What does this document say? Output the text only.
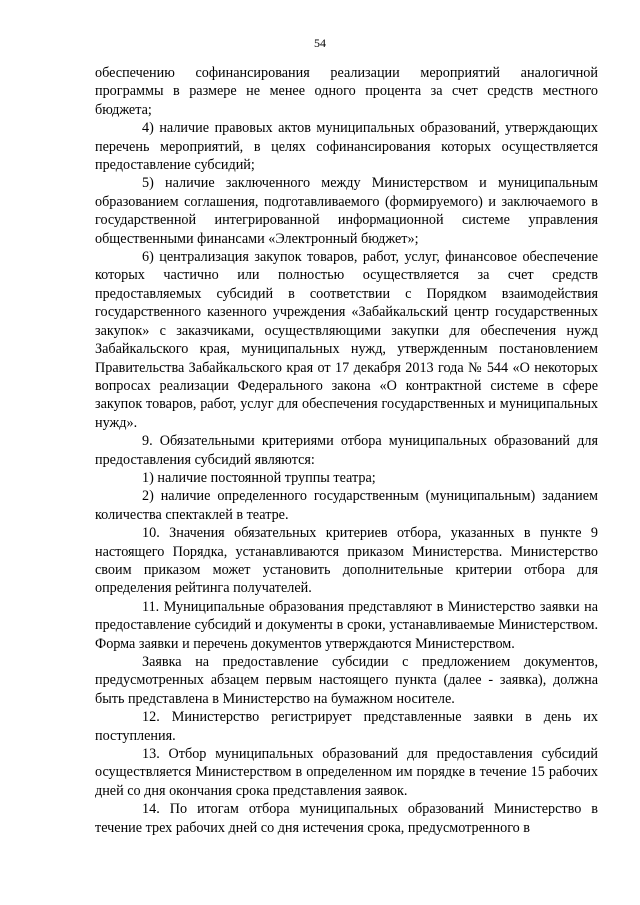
54

обеспечению софинансирования реализации мероприятий аналогичной программы в размере не менее одного процента за счет средств местного бюджета;

4) наличие правовых актов муниципальных образований, утверждающих перечень мероприятий, в целях софинансирования которых осуществляется предоставление субсидий;

5) наличие заключенного между Министерством и муниципальным образованием соглашения, подготавливаемого (формируемого) и заключаемого в государственной интегрированной информационной системе управления общественными финансами «Электронный бюджет»;

6) централизация закупок товаров, работ, услуг, финансовое обеспечение которых частично или полностью осуществляется за счет средств предоставляемых субсидий в соответствии с Порядком взаимодействия государственного казенного учреждения «Забайкальский центр государственных закупок» с заказчиками, осуществляющими закупки для обеспечения нужд Забайкальского края, муниципальных нужд, утвержденным постановлением Правительства Забайкальского края от 17 декабря 2013 года № 544 «О некоторых вопросах реализации Федерального закона «О контрактной системе в сфере закупок товаров, работ, услуг для обеспечения государственных и муниципальных нужд».

9. Обязательными критериями отбора муниципальных образований для предоставления субсидий являются:

1) наличие постоянной труппы театра;

2) наличие определенного государственным (муниципальным) заданием количества спектаклей в театре.

10. Значения обязательных критериев отбора, указанных в пункте 9 настоящего Порядка, устанавливаются приказом Министерства. Министерство своим приказом может установить дополнительные критерии отбора для определения рейтинга получателей.

11. Муниципальные образования представляют в Министерство заявки на предоставление субсидий и документы в сроки, устанавливаемые Министерством. Форма заявки и перечень документов утверждаются Министерством.

Заявка на предоставление субсидии с предложением документов, предусмотренных абзацем первым настоящего пункта (далее - заявка), должна быть представлена в Министерство на бумажном носителе.

12. Министерство регистрирует представленные заявки в день их поступления.

13. Отбор муниципальных образований для предоставления субсидий осуществляется Министерством в определенном им порядке в течение 15 рабочих дней со дня окончания срока представления заявок.

14. По итогам отбора муниципальных образований Министерство в течение трех рабочих дней со дня истечения срока, предусмотренного в
